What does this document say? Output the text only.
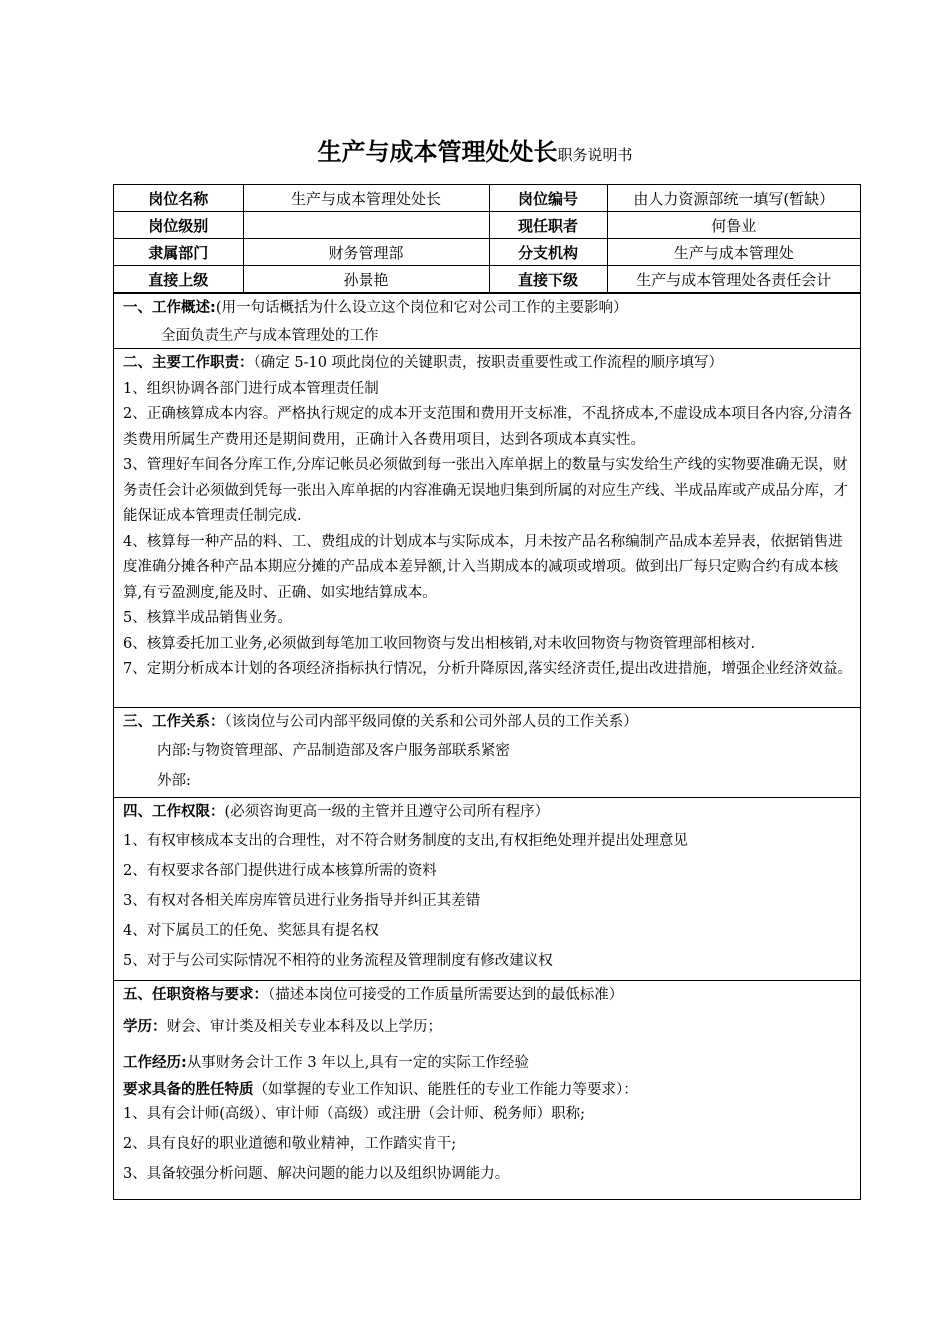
生产与成本管理处处长职务说明书
岗位名称	生产与成本管理处处长	岗位编号	由人力资源部统一填写(暂缺）
岗位级别		现任职者	何鲁业
隶属部门	财务管理部	分支机构	生产与成本管理处
直接上级	孙景艳	直接下级	生产与成本管理处各责任会计
一、工作概述:(用一句话概括为什么设立这个岗位和它对公司工作的主要影响）
全面负责生产与成本管理处的工作
二、主要工作职责：（确定 5-10 项此岗位的关键职责，按职责重要性或工作流程的顺序填写）
1、组织协调各部门进行成本管理责任制
2、正确核算成本内容。严格执行规定的成本开支范围和费用开支标准，不乱挤成本,不虚设成本项目各内容,分清各类费用所属生产费用还是期间费用，正确计入各费用项目，达到各项成本真实性。
3、管理好车间各分库工作,分库记帐员必须做到每一张出入库单据上的数量与实发给生产线的实物要准确无误，财务责任会计必须做到凭每一张出入库单据的内容准确无误地归集到所属的对应生产线、半成品库或产成品分库，才能保证成本管理责任制完成.
4、核算每一种产品的料、工、费组成的计划成本与实际成本，月未按产品名称编制产品成本差异表，依据销售进度准确分摊各种产品本期应分摊的产品成本差异额,计入当期成本的减项或增项。做到出厂每只定购合约有成本核算,有亏盈测度,能及时、正确、如实地结算成本。
5、核算半成品销售业务。
6、核算委托加工业务,必须做到每笔加工收回物资与发出相核销,对未收回物资与物资管理部相核对.
7、定期分析成本计划的各项经济指标执行情况，分析升降原因,落实经济责任,提出改进措施，增强企业经济效益。
三、工作关系：（该岗位与公司内部平级同僚的关系和公司外部人员的工作关系）
内部:与物资管理部、产品制造部及客户服务部联系紧密
外部:
四、工作权限：(必须咨询更高一级的主管并且遵守公司所有程序）
1、有权审核成本支出的合理性，对不符合财务制度的支出,有权拒绝处理并提出处理意见
2、有权要求各部门提供进行成本核算所需的资料
3、有权对各相关库房库管员进行业务指导并纠正其差错
4、对下属员工的任免、奖惩具有提名权
5、对于与公司实际情况不相符的业务流程及管理制度有修改建议权
五、任职资格与要求：（描述本岗位可接受的工作质量所需要达到的最低标准）
学历：财会、审计类及相关专业本科及以上学历；
工作经历:从事财务会计工作 3 年以上,具有一定的实际工作经验
要求具备的胜任特质（如掌握的专业工作知识、能胜任的专业工作能力等要求）：
1、具有会计师(高级）、审计师（高级）或注册（会计师、税务师）职称;
2、具有良好的职业道德和敬业精神，工作踏实肯干;
3、具备较强分析问题、解决问题的能力以及组织协调能力。
